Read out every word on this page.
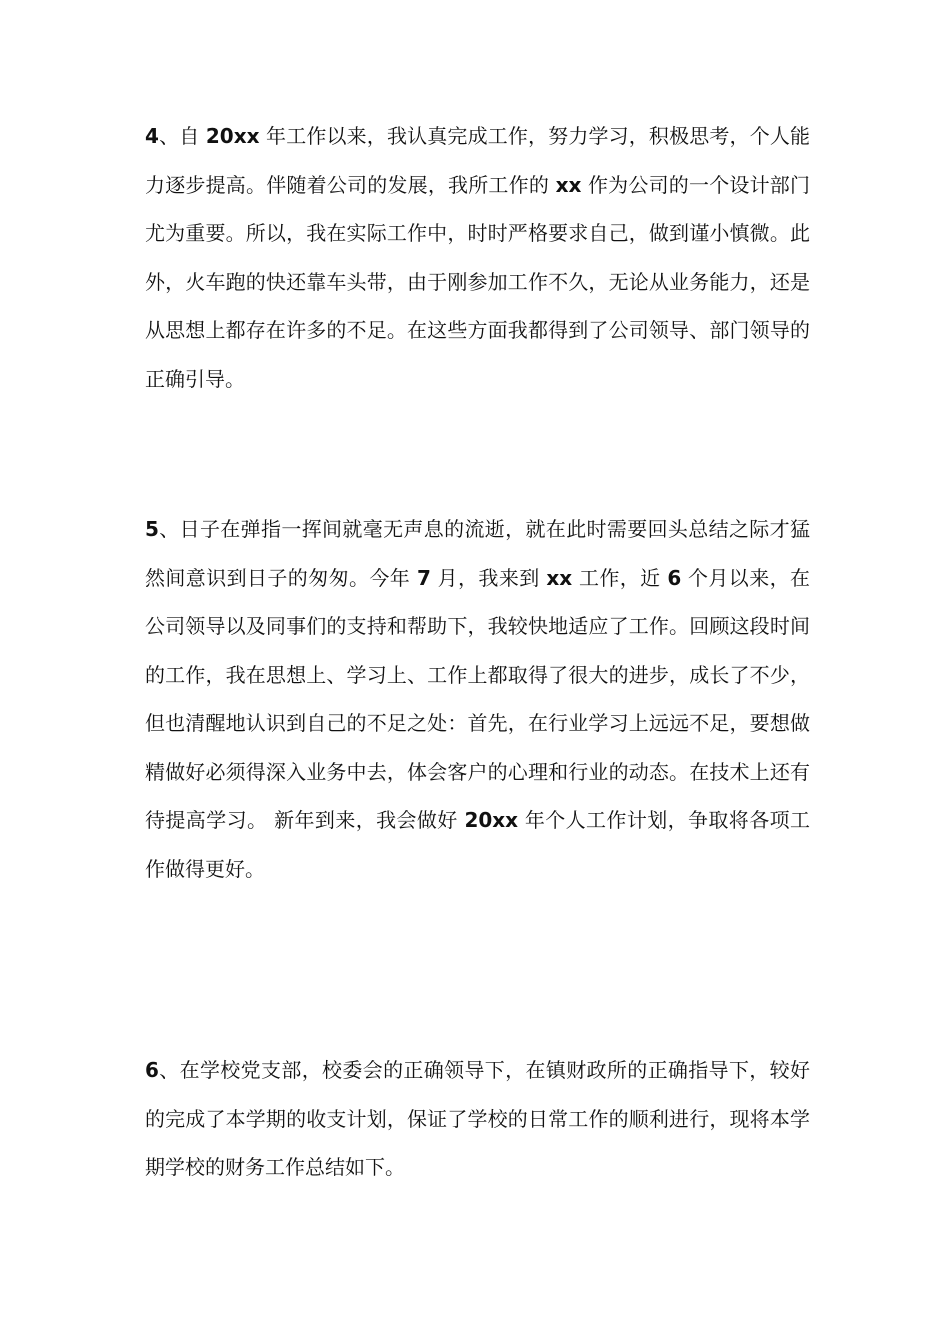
4、自 20xx 年工作以来，我认真完成工作，努力学习，积极思考，个人能力逐步提高。伴随着公司的发展，我所工作的 xx 作为公司的一个设计部门尤为重要。所以，我在实际工作中，时时严格要求自己，做到谨小慎微。此外，火车跑的快还靠车头带，由于刚参加工作不久，无论从业务能力，还是从思想上都存在许多的不足。在这些方面我都得到了公司领导、部门领导的正确引导。

5、日子在弹指一挥间就毫无声息的流逝，就在此时需要回头总结之际才猛然间意识到日子的匆匆。今年 7 月，我来到 xx 工作，近 6 个月以来，在公司领导以及同事们的支持和帮助下，我较快地适应了工作。回顾这段时间的工作，我在思想上、学习上、工作上都取得了很大的进步，成长了不少，但也清醒地认识到自己的不足之处：首先，在行业学习上远远不足，要想做精做好必须得深入业务中去，体会客户的心理和行业的动态。在技术上还有待提高学习。 新年到来，我会做好 20xx 年个人工作计划，争取将各项工作做得更好。

6、在学校党支部，校委会的正确领导下，在镇财政所的正确指导下，较好的完成了本学期的收支计划，保证了学校的日常工作的顺利进行，现将本学期学校的财务工作总结如下。
